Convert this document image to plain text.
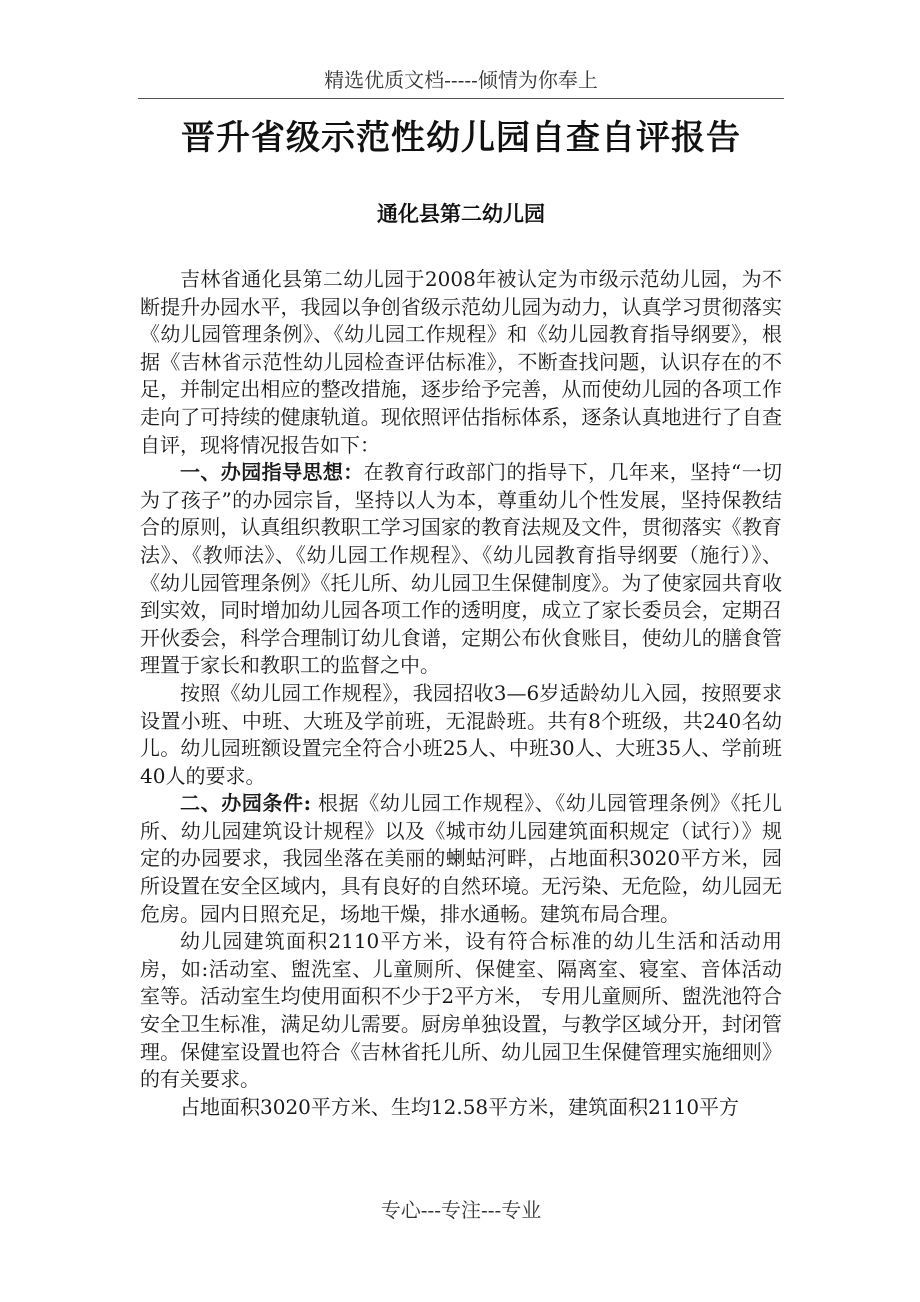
精选优质文档-----倾情为你奉上
晋升省级示范性幼儿园自查自评报告
通化县第二幼儿园

吉林省通化县第二幼儿园于2008年被认定为市级示范幼儿园，为不断提升办园水平，我园以争创省级示范幼儿园为动力，认真学习贯彻落实《幼儿园管理条例》、《幼儿园工作规程》和《幼儿园教育指导纲要》，根据《吉林省示范性幼儿园检查评估标准》，不断查找问题，认识存在的不足，并制定出相应的整改措施，逐步给予完善，从而使幼儿园的各项工作走向了可持续的健康轨道。现依照评估指标体系，逐条认真地进行了自查自评，现将情况报告如下：

一、办园指导思想：在教育行政部门的指导下，几年来，坚持“一切为了孩子”的办园宗旨，坚持以人为本，尊重幼儿个性发展，坚持保教结合的原则，认真组织教职工学习国家的教育法规及文件，贯彻落实《教育法》、《教师法》、《幼儿园工作规程》、《幼儿园教育指导纲要（施行）》、《幼儿园管理条例》《托儿所、幼儿园卫生保健制度》。为了使家园共育收到实效，同时增加幼儿园各项工作的透明度，成立了家长委员会，定期召开伙委会，科学合理制订幼儿食谱，定期公布伙食账目，使幼儿的膳食管理置于家长和教职工的监督之中。

按照《幼儿园工作规程》，我园招收3—6岁适龄幼儿入园，按照要求设置小班、中班、大班及学前班，无混龄班。共有8个班级，共240名幼儿。幼儿园班额设置完全符合小班25人、中班30人、大班35人、学前班40人的要求。

二、办园条件: 根据《幼儿园工作规程》、《幼儿园管理条例》《托儿所、幼儿园建筑设计规程》以及《城市幼儿园建筑面积规定（试行）》规定的办园要求，我园坐落在美丽的蝲蛄河畔，占地面积3020平方米，园所设置在安全区域内，具有良好的自然环境。无污染、无危险，幼儿园无危房。园内日照充足，场地干燥，排水通畅。建筑布局合理。

幼儿园建筑面积2110平方米，设有符合标准的幼儿生活和活动用房，如:活动室、盥洗室、儿童厕所、保健室、隔离室、寝室、音体活动室等。活动室生均使用面积不少于2平方米， 专用儿童厕所、盥洗池符合安全卫生标准，满足幼儿需要。厨房单独设置，与教学区域分开，封闭管理。保健室设置也符合《吉林省托儿所、幼儿园卫生保健管理实施细则》的有关要求。

占地面积3020平方米、生均12.58平方米，建筑面积2110平方

专心---专注---专业
